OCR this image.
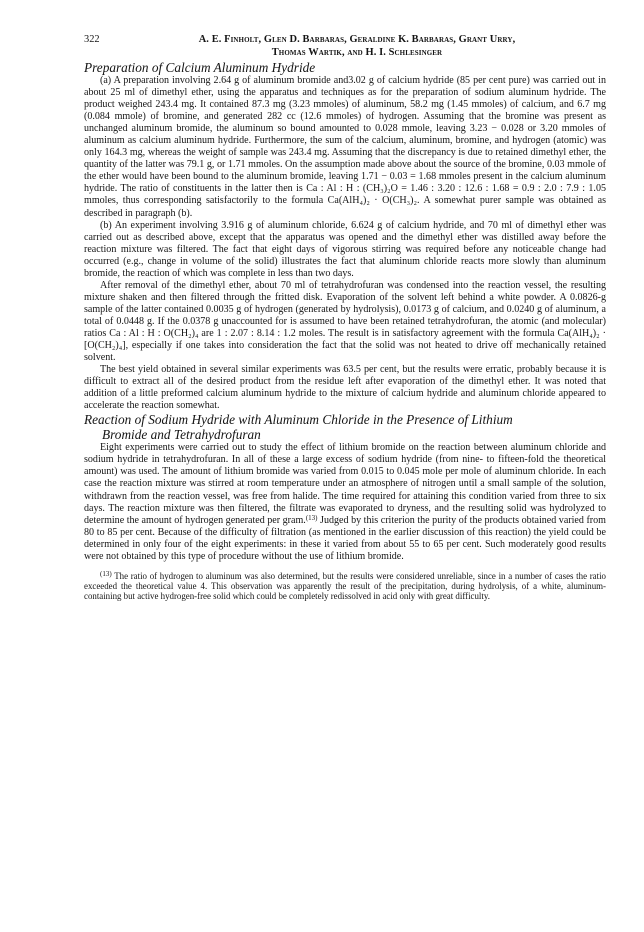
322	A. E. Finholt, Glen D. Barbaras, Geraldine K. Barbaras, Grant Urry,
Thomas Wartik, and H. I. Schlesinger
Preparation of Calcium Aluminum Hydride

(a) A preparation involving 2.64 g of aluminum bromide and3.02 g of calcium hydride (85 per cent pure) was carried out in about 25 ml of dimethyl ether, using the apparatus and techniques as for the preparation of sodium aluminum hydride. The product weighed 243.4 mg. It contained 87.3 mg (3.23 mmoles) of aluminum, 58.2 mg (1.45 mmoles) of calcium, and 6.7 mg (0.084 mmole) of bromine, and generated 282 cc (12.6 mmoles) of hydrogen. Assuming that the bromine was present as unchanged aluminum bromide, the aluminum so bound amounted to 0.028 mmole, leaving 3.23 − 0.028 or 3.20 mmoles of aluminum as calcium aluminum hydride. Furthermore, the sum of the calcium, aluminum, bromine, and hydrogen (atomic) was only 164.3 mg, whereas the weight of sample was 243.4 mg. Assuming that the discrepancy is due to retained dimethyl ether, the quantity of the latter was 79.1 g, or 1.71 mmoles. On the assumption made above about the source of the bromine, 0.03 mmole of the ether would have been bound to the aluminum bromide, leaving 1.71 − 0.03 = 1.68 mmoles present in the calcium aluminum hydride. The ratio of constituents in the latter then is Ca : Al : H : (CH₃)₂O = 1.46 : 3.20 : 12.6 : 1.68 = 0.9 : 2.0 : 7.9 : 1.05 mmoles, thus corresponding satisfactorily to the formula Ca(AlH₄)₂ · O(CH₃)₂. A somewhat purer sample was obtained as described in paragraph (b).

(b) An experiment involving 3.916 g of aluminum chloride, 6.624 g of calcium hydride, and 70 ml of dimethyl ether was carried out as described above, except that the apparatus was opened and the dimethyl ether was distilled away before the reaction mixture was filtered. The fact that eight days of vigorous stirring was required before any noticeable change had occurred (e.g., change in volume of the solid) illustrates the fact that aluminum chloride reacts more slowly than aluminum bromide, the reaction of which was complete in less than two days.

After removal of the dimethyl ether, about 70 ml of tetrahydrofuran was condensed into the reaction vessel, the resulting mixture shaken and then filtered through the fritted disk. Evaporation of the solvent left behind a white powder. A 0.0826-g sample of the latter contained 0.0035 g of hydrogen (generated by hydrolysis), 0.0173 g of calcium, and 0.0240 g of aluminum, a total of 0.0448 g. If the 0.0378 g unaccounted for is assumed to have been retained tetrahydrofuran, the atomic (and molecular) ratios Ca : Al : H : O(CH₂)₄ are 1 : 2.07 : 8.14 : 1.2 moles. The result is in satisfactory agreement with the formula Ca(AlH₄)₂ · [O(CH₂)₄], especially if one takes into consideration the fact that the solid was not heated to drive off mechanically retained solvent.

The best yield obtained in several similar experiments was 63.5 per cent, but the results were erratic, probably because it is difficult to extract all of the desired product from the residue left after evaporation of the dimethyl ether. It was noted that addition of a little preformed calcium aluminum hydride to the mixture of calcium hydride and aluminum chloride appeared to accelerate the reaction somewhat.

Reaction of Sodium Hydride with Aluminum Chloride in the Presence of Lithium
Bromide and Tetrahydrofuran

Eight experiments were carried out to study the effect of lithium bromide on the reaction between aluminum chloride and sodium hydride in tetrahydrofuran. In all of these a large excess of sodium hydride (from nine- to fifteen-fold the theoretical amount) was used. The amount of lithium bromide was varied from 0.015 to 0.045 mole per mole of aluminum chloride. In each case the reaction mixture was stirred at room temperature under an atmosphere of nitrogen until a small sample of the solution, withdrawn from the reaction vessel, was free from halide. The time required for attaining this condition varied from three to six days. The reaction mixture was then filtered, the filtrate was evaporated to dryness, and the resulting solid was hydrolyzed to determine the amount of hydrogen generated per gram.$^{(13)}$ Judged by this criterion the purity of the products obtained varied from 80 to 85 per cent. Because of the difficulty of filtration (as mentioned in the earlier discussion of this reaction) the yield could be determined in only four of the eight experiments: in these it varied from about 55 to 65 per cent. Such moderately good results were not obtained by this type of procedure without the use of lithium bromide.

$^{(13)}$ The ratio of hydrogen to aluminum was also determined, but the results were considered unreliable, since in a number of cases the ratio exceeded the theoretical value 4. This observation was apparently the result of the precipitation, during hydrolysis, of a white, aluminum-containing but active hydrogen-free solid which could be completely redissolved in acid only with great difficulty.
